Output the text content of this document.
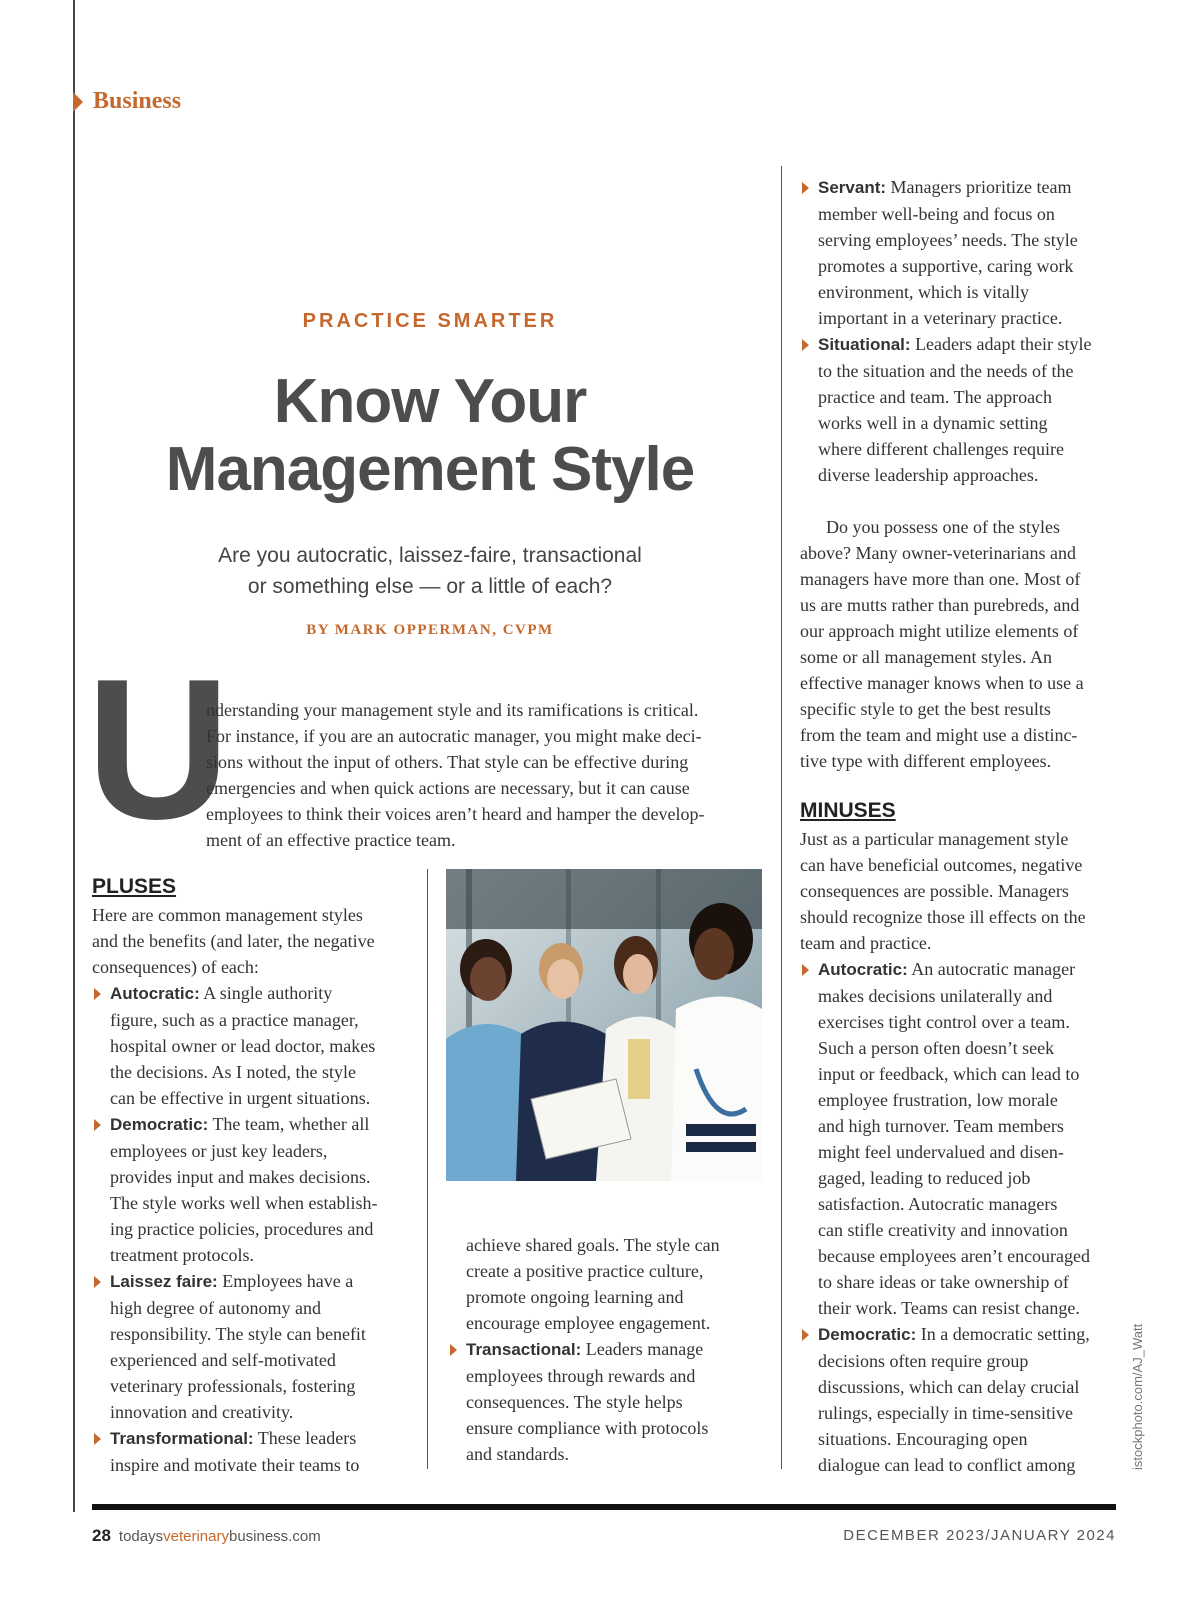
Business
PRACTICE SMARTER
Know Your
Management Style
Are you autocratic, laissez-faire, transactional
or something else — or a little of each?
BY MARK OPPERMAN, CVPM
U

nderstanding your management style and its ramifications is critical.

For instance, if you are an autocratic manager, you might make deci-

sions without the input of others. That style can be effective during

emergencies and when quick actions are necessary, but it can cause

employees to think their voices aren’t heard and hamper the develop-

ment of an effective practice team.

PLUSES

Here are common management styles

and the benefits (and later, the negative

consequences) of each:

Autocratic: A single authority

figure, such as a practice manager,

hospital owner or lead doctor, makes

the decisions. As I noted, the style

can be effective in urgent situations.

Democratic: The team, whether all

employees or just key leaders,

provides input and makes decisions.

The style works well when establish-

ing practice policies, procedures and

treatment protocols.

Laissez faire: Employees have a

high degree of autonomy and

responsibility. The style can benefit

experienced and self-motivated

veterinary professionals, fostering

innovation and creativity.

Transformational: These leaders

inspire and motivate their teams to

achieve shared goals. The style can

create a positive practice culture,

promote ongoing learning and

encourage employee engagement.

Transactional: Leaders manage

employees through rewards and

consequences. The style helps

ensure compliance with protocols

and standards.

Servant: Managers prioritize team

member well-being and focus on

serving employees’ needs. The style

promotes a supportive, caring work

environment, which is vitally

important in a veterinary practice.

Situational: Leaders adapt their style

to the situation and the needs of the

practice and team. The approach

works well in a dynamic setting

where different challenges require

diverse leadership approaches.

Do you possess one of the styles

above? Many owner-veterinarians and

managers have more than one. Most of

us are mutts rather than purebreds, and

our approach might utilize elements of

some or all management styles. An

effective manager knows when to use a

specific style to get the best results

from the team and might use a distinc-

tive type with different employees.

MINUSES

Just as a particular management style

can have beneficial outcomes, negative

consequences are possible. Managers

should recognize those ill effects on the

team and practice.

Autocratic: An autocratic manager

makes decisions unilaterally and

exercises tight control over a team.

Such a person often doesn’t seek

input or feedback, which can lead to

employee frustration, low morale

and high turnover. Team members

might feel undervalued and disen-

gaged, leading to reduced job

satisfaction. Autocratic managers

can stifle creativity and innovation

because employees aren’t encouraged

to share ideas or take ownership of

their work. Teams can resist change.

Democratic: In a democratic setting,

decisions often require group

discussions, which can delay crucial

rulings, especially in time-sensitive

situations. Encouraging open

dialogue can lead to conflict among	istockphoto.com/AJ_Watt
28 todaysveterinarybusiness.com	DECEMBER 2023/JANUARY 2024
